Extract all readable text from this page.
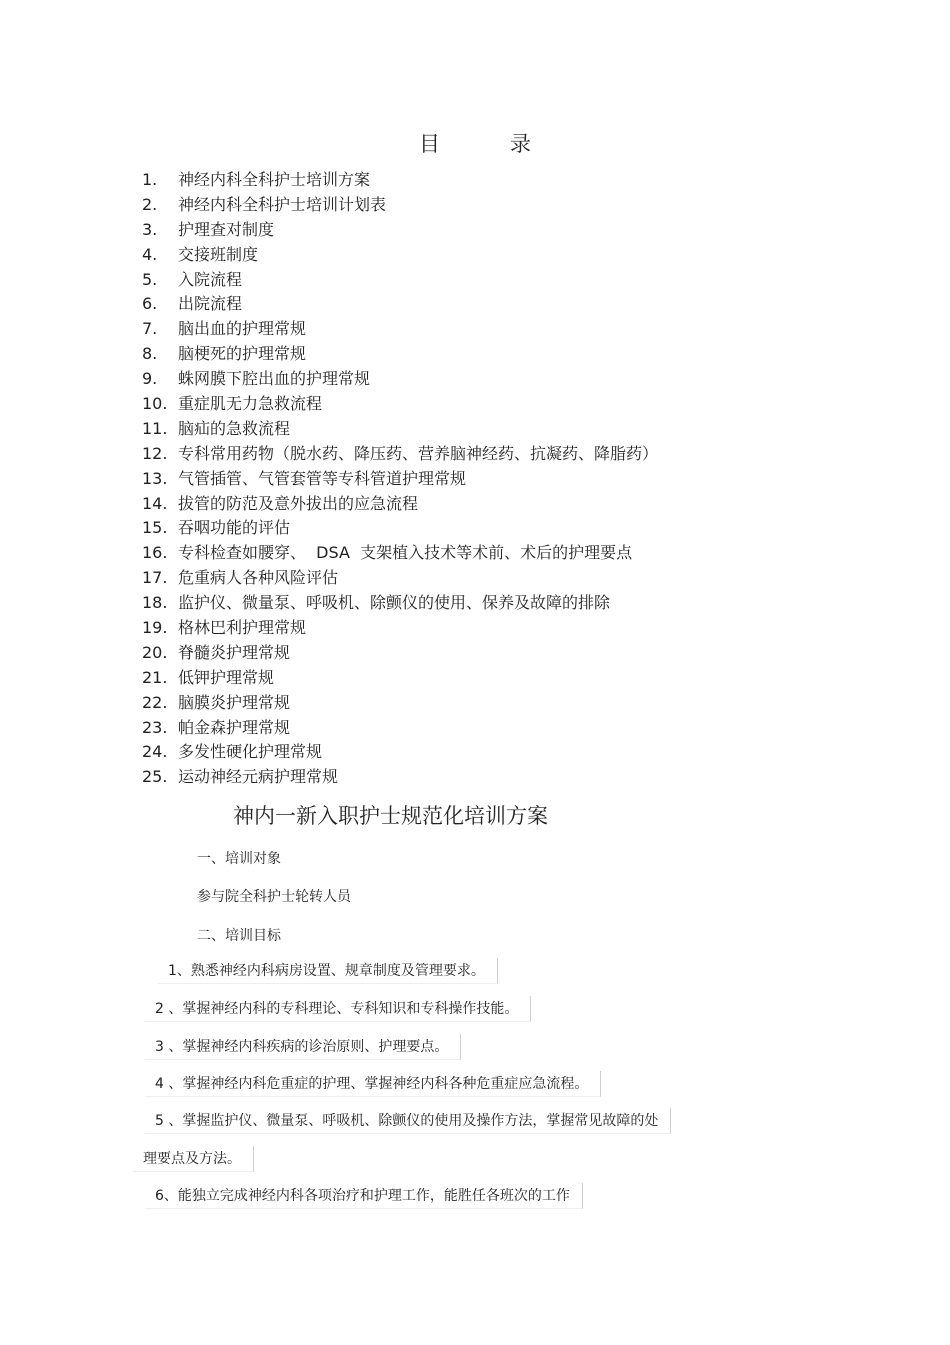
目	录
1. 神经内科全科护士培训方案
2. 神经内科全科护士培训计划表
3. 护理查对制度
4. 交接班制度
5. 入院流程
6. 出院流程
7. 脑出血的护理常规
8. 脑梗死的护理常规
9. 蛛网膜下腔出血的护理常规
10. 重症肌无力急救流程
11. 脑疝的急救流程
12. 专科常用药物（脱水药、降压药、营养脑神经药、抗凝药、降脂药）
13. 气管插管、气管套管等专科管道护理常规
14. 拔管的防范及意外拔出的应急流程
15. 吞咽功能的评估
16. 专科检查如腰穿、  DSA  支架植入技术等术前、术后的护理要点
17. 危重病人各种风险评估
18. 监护仪、微量泵、呼吸机、除颤仪的使用、保养及故障的排除
19. 格林巴利护理常规
20. 脊髓炎护理常规
21. 低钾护理常规
22. 脑膜炎护理常规
23. 帕金森护理常规
24. 多发性硬化护理常规
25. 运动神经元病护理常规
神内一新入职护士规范化培训方案
一、培训对象
参与院全科护士轮转人员
二、培训目标
1、熟悉神经内科病房设置、规章制度及管理要求。
2 、掌握神经内科的专科理论、专科知识和专科操作技能。
3 、掌握神经内科疾病的诊治原则、护理要点。
4 、掌握神经内科危重症的护理、掌握神经内科各种危重症应急流程。
5 、掌握监护仪、微量泵、呼吸机、除颤仪的使用及操作方法，掌握常见故障的处
理要点及方法。
6、能独立完成神经内科各项治疗和护理工作，能胜任各班次的工作
